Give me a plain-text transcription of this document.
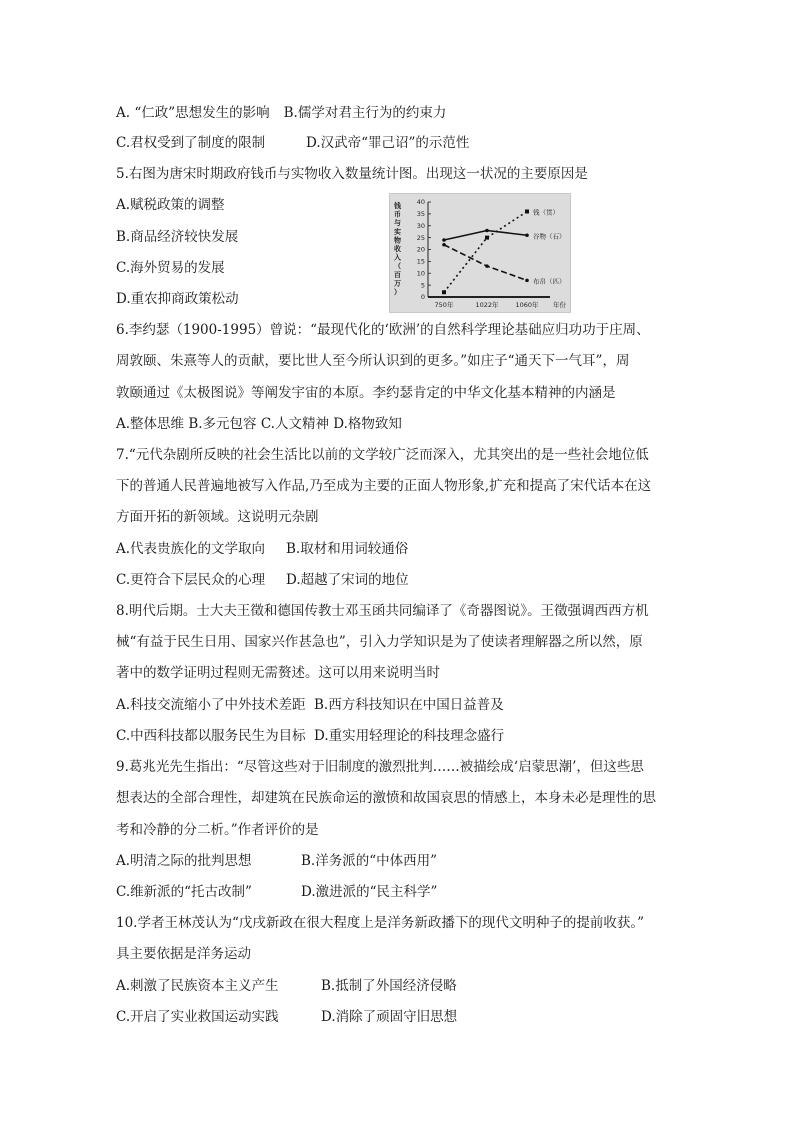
A. “仁政”思想发生的影响 B.儒学对君主行为的约束力
C.君权受到了制度的限制	D.汉武帝“罪己诏”的示范性
5.右图为唐宋时期政府钱币与实物收入数量统计图。出现这一状况的主要原因是
A.赋税政策的调整
B.商品经济较快发展
C.海外贸易的发展
D.重农抑商政策松动
钱币与实物收入（百万）
0
5
10
15
20
25
30
35
40
钱（贯）
谷物（石）
布帛（匹）
750年	1022年	1060年 年份
6.李约瑟（1900-1995）曾说：“最现代化的‘欧洲’的自然科学理论基础应归功功于庄周、
周敦颐、朱熹等人的贡献，要比世人至今所认识到的更多。”如庄子“通天下一气耳”，周
敦颐通过《太极图说》等阐发宇宙的本原。李约瑟肯定的中华文化基本精神的内涵是
A.整体思维 B.多元包容 C.人文精神 D.格物致知
7.“元代杂剧所反映的社会生活比以前的文学较广泛而深入，尤其突出的是一些社会地位低
下的普通人民普遍地被写入作品,乃至成为主要的正面人物形象,扩充和提高了宋代话本在这
方面开拓的新领域。这说明元杂剧
A.代表贵族化的文学取向 B.取材和用词较通俗
C.更符合下层民众的心理 D.超越了宋词的地位
8.明代后期。士大夫王徵和德国传教士邓玉函共同编译了《奇器图说》。王徵强调西西方机
械“有益于民生日用、国家兴作甚急也”，引入力学知识是为了使读者理解器之所以然，原
著中的数学证明过程则无需赘述。这可以用来说明当时
A.科技交流缩小了中外技术差距 B.西方科技知识在中国日益普及
C.中西科技都以服务民生为目标 D.重实用轻理论的科技理念盛行
9.葛兆光先生指出：“尽管这些对于旧制度的激烈批判……被描绘成‘启蒙思潮’，但这些思
想表达的全部合理性，却建筑在民族命运的激愤和故国哀思的情感上，本身未必是理性的思
考和冷静的分二析。”作者评价的是
A.明清之际的批判思想	B.洋务派的“中体西用”
C.维新派的“托古改制”	D.激进派的“民主科学”
10.学者王林茂认为“戊戌新政在很大程度上是洋务新政播下的现代文明种子的提前收获。”
具主要依据是洋务运动
A.刺激了民族资本主义产生	B.抵制了外国经济侵略
C.开启了实业救国运动实践	D.消除了顽固守旧思想
